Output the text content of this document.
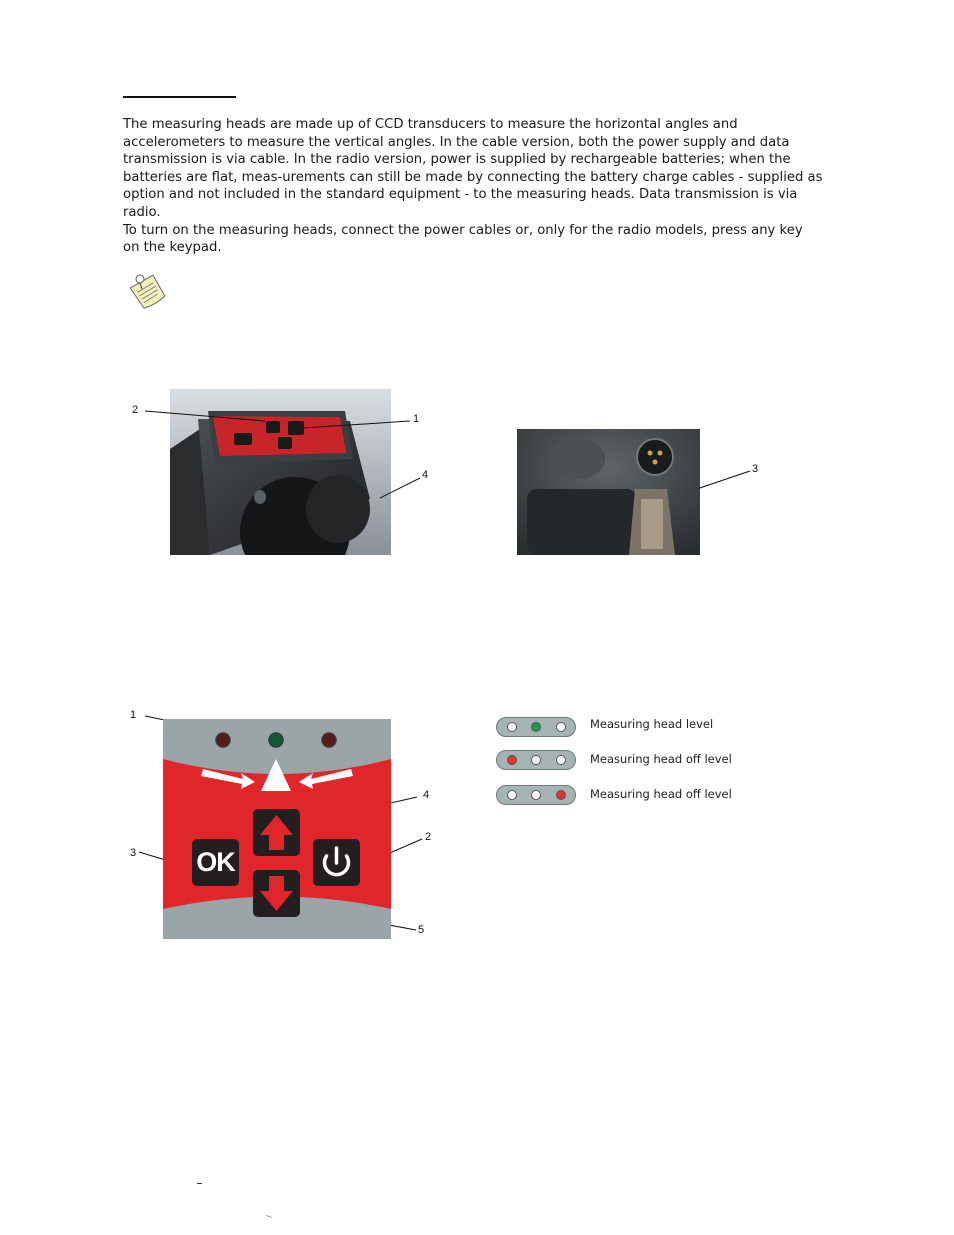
The measuring heads are made up of CCD transducers to measure the horizontal angles and accelerometers to measure the vertical angles. In the cable version, both the power supply and data transmission is via cable. In the radio version, power is supplied by rechargeable batteries; when the batteries are flat, meas-urements can still be made by connecting the battery charge cables - supplied as option and not included in the standard equipment - to the measuring heads. Data transmission is via radio.

To turn on the measuring heads, connect the power cables or, only for the radio models, press any key on the keypad.

2
1
4	3
OK
1
4
3
2
5
Measuring head level
Measuring head off level
Measuring head off level
